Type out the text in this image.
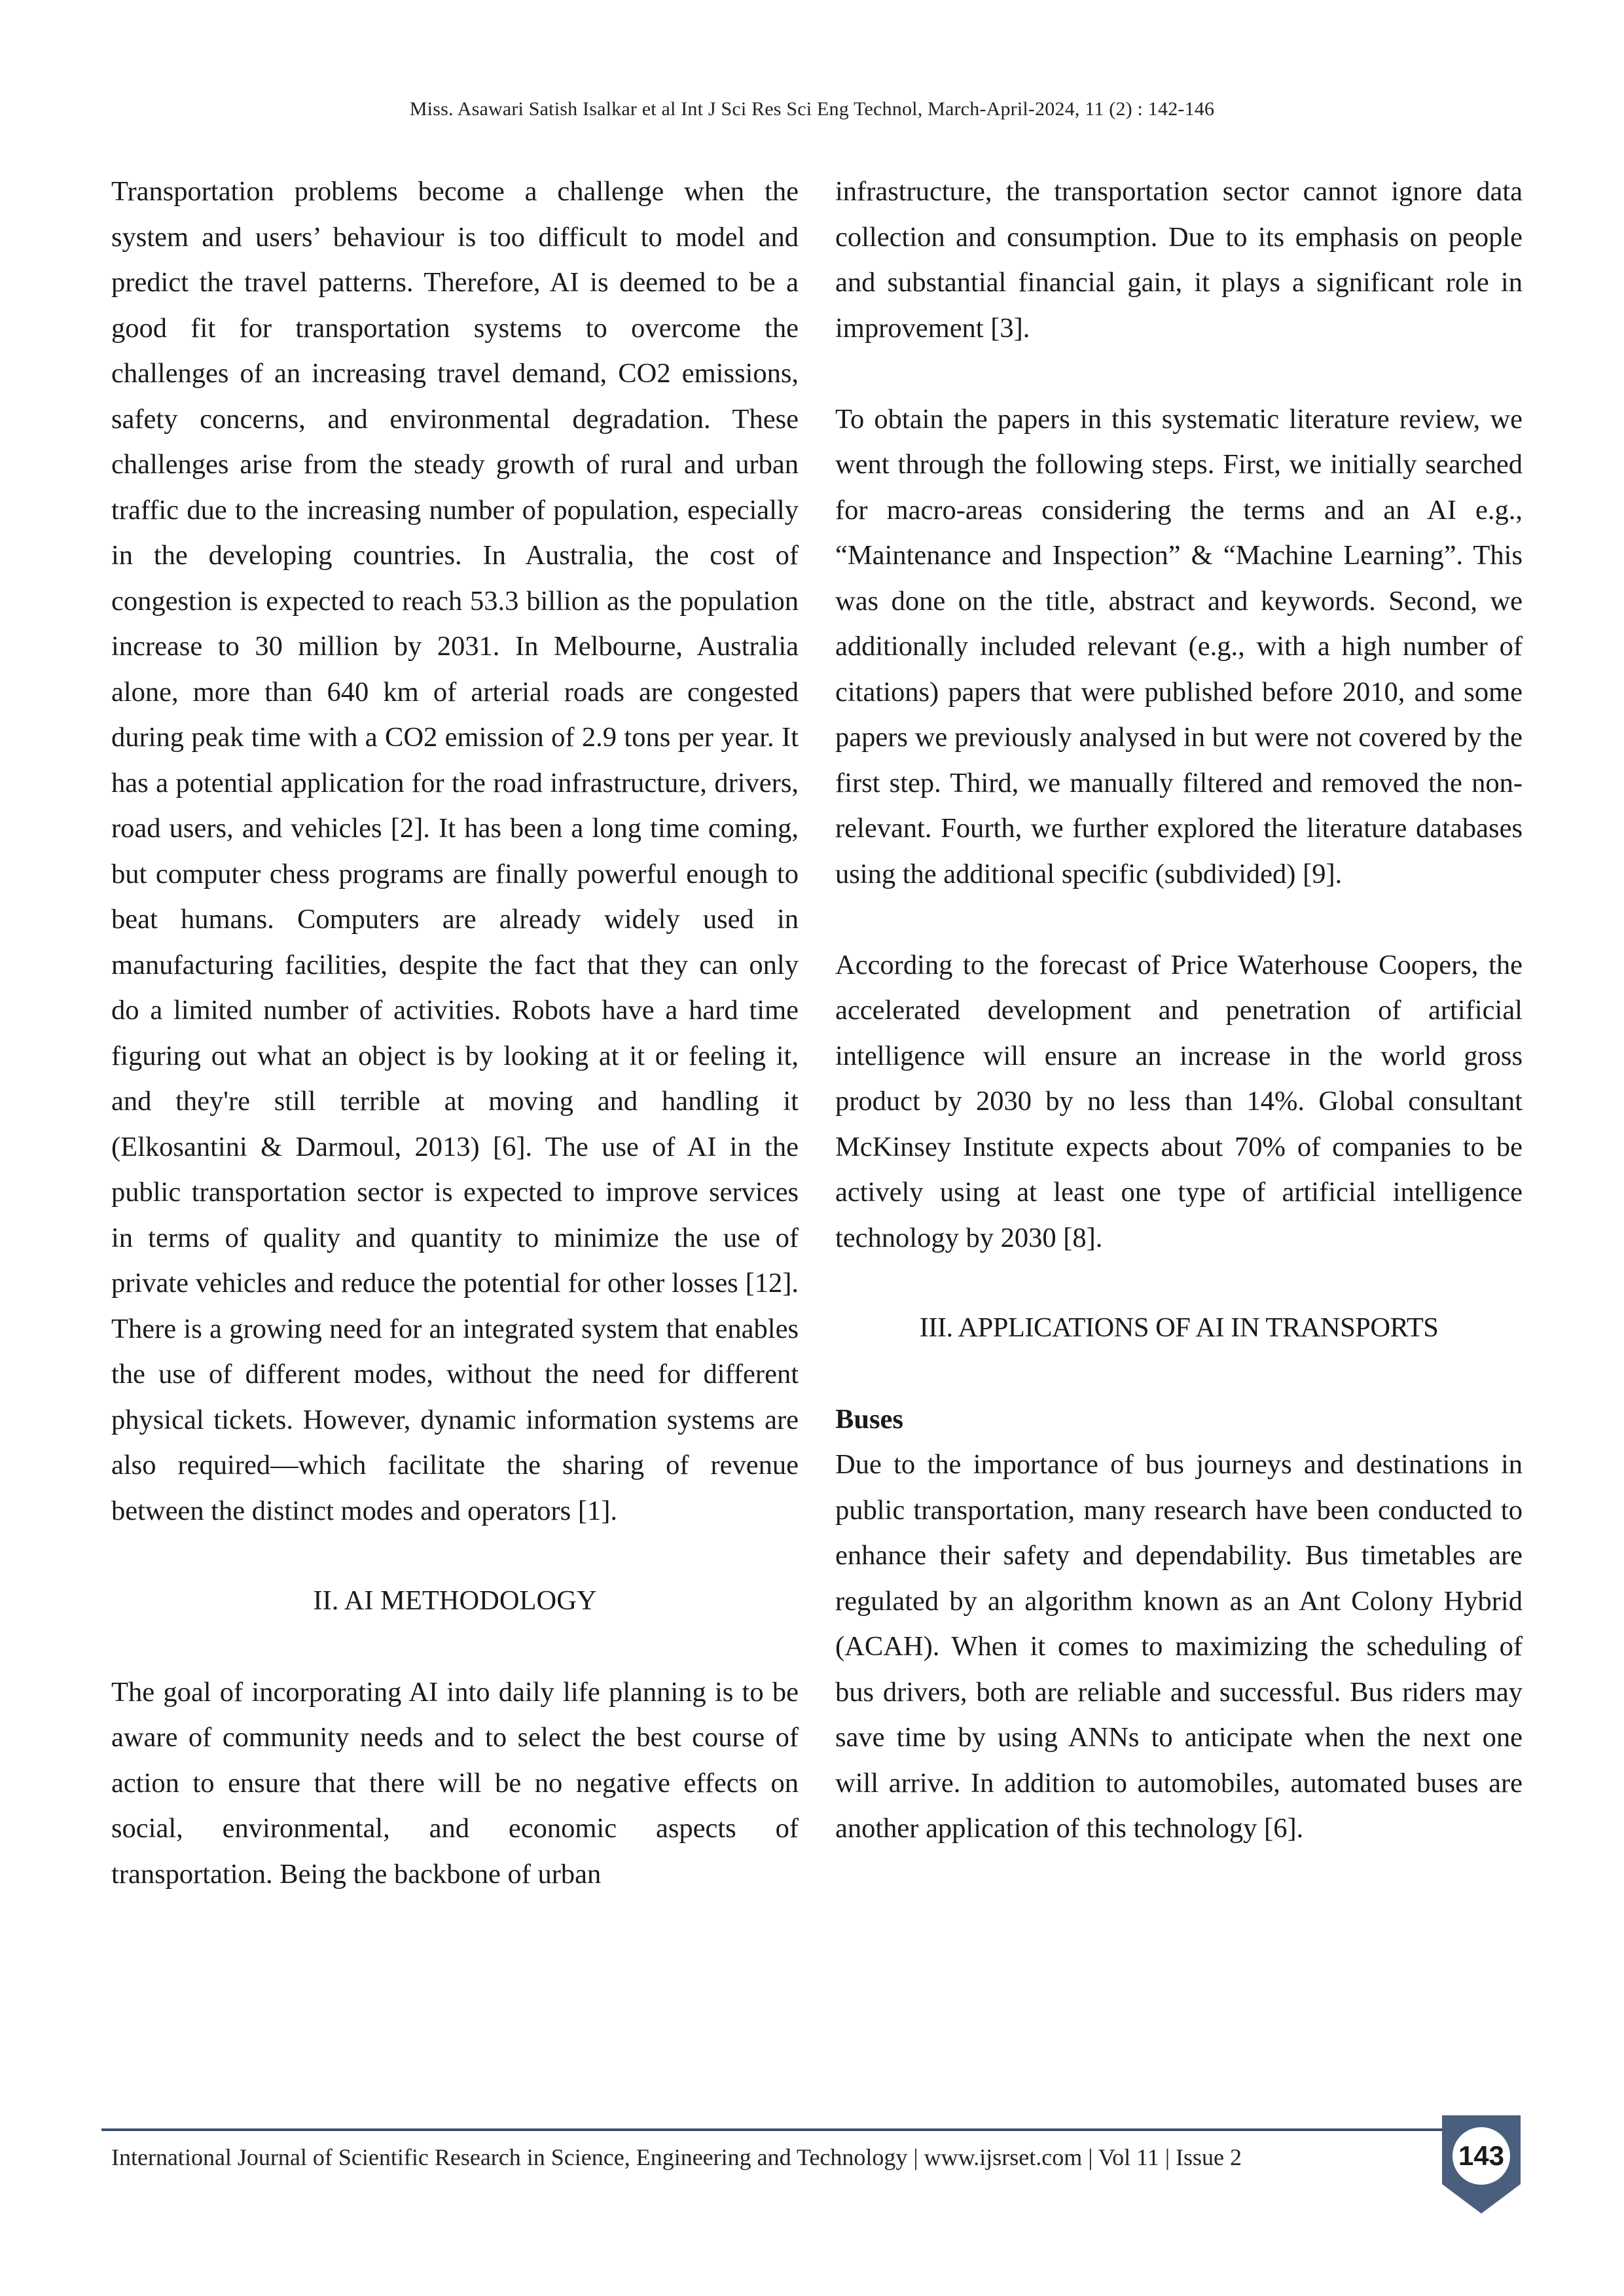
Miss. Asawari Satish Isalkar et al Int J Sci Res Sci Eng Technol, March-April-2024, 11 (2) : 142-146

Transportation problems become a challenge when the system and users’ behaviour is too difficult to model and predict the travel patterns. Therefore, AI is deemed to be a good fit for transportation systems to overcome the challenges of an increasing travel demand, CO2 emissions, safety concerns, and environmental degradation. These challenges arise from the steady growth of rural and urban traffic due to the increasing number of population, especially in the developing countries. In Australia, the cost of congestion is expected to reach 53.3 billion as the population increase to 30 million by 2031. In Melbourne, Australia alone, more than 640 km of arterial roads are congested during peak time with a CO2 emission of 2.9 tons per year. It has a potential application for the road infrastructure, drivers, road users, and vehicles [2]. It has been a long time coming, but computer chess programs are finally powerful enough to beat humans. Computers are already widely used in manufacturing facilities, despite the fact that they can only do a limited number of activities. Robots have a hard time figuring out what an object is by looking at it or feeling it, and they're still terrible at moving and handling it (Elkosantini & Darmoul, 2013) [6]. The use of AI in the public transportation sector is expected to improve services in terms of quality and quantity to minimize the use of private vehicles and reduce the potential for other losses [12]. There is a growing need for an integrated system that enables the use of different modes, without the need for different physical tickets. However, dynamic information systems are also required—which facilitate the sharing of revenue between the distinct modes and operators [1].

II. AI METHODOLOGY

The goal of incorporating AI into daily life planning is to be aware of community needs and to select the best course of action to ensure that there will be no negative effects on social, environmental, and economic aspects of transportation. Being the backbone of urban

infrastructure, the transportation sector cannot ignore data collection and consumption. Due to its emphasis on people and substantial financial gain, it plays a significant role in improvement [3].

To obtain the papers in this systematic literature review, we went through the following steps. First, we initially searched for macro-areas considering the terms and an AI e.g., “Maintenance and Inspection” & “Machine Learning”. This was done on the title, abstract and keywords. Second, we additionally included relevant (e.g., with a high number of citations) papers that were published before 2010, and some papers we previously analysed in but were not covered by the first step. Third, we manually filtered and removed the non-relevant. Fourth, we further explored the literature databases using the additional specific (subdivided) [9].

According to the forecast of Price Waterhouse Coopers, the accelerated development and penetration of artificial intelligence will ensure an increase in the world gross product by 2030 by no less than 14%. Global consultant McKinsey Institute expects about 70% of companies to be actively using at least one type of artificial intelligence technology by 2030 [8].

III. APPLICATIONS OF AI IN TRANSPORTS

Buses

Due to the importance of bus journeys and destinations in public transportation, many research have been conducted to enhance their safety and dependability. Bus timetables are regulated by an algorithm known as an Ant Colony Hybrid (ACAH). When it comes to maximizing the scheduling of bus drivers, both are reliable and successful. Bus riders may save time by using ANNs to anticipate when the next one will arrive. In addition to automobiles, automated buses are another application of this technology [6].

International Journal of Scientific Research in Science, Engineering and Technology | www.ijsrset.com | Vol 11 | Issue 2	143
